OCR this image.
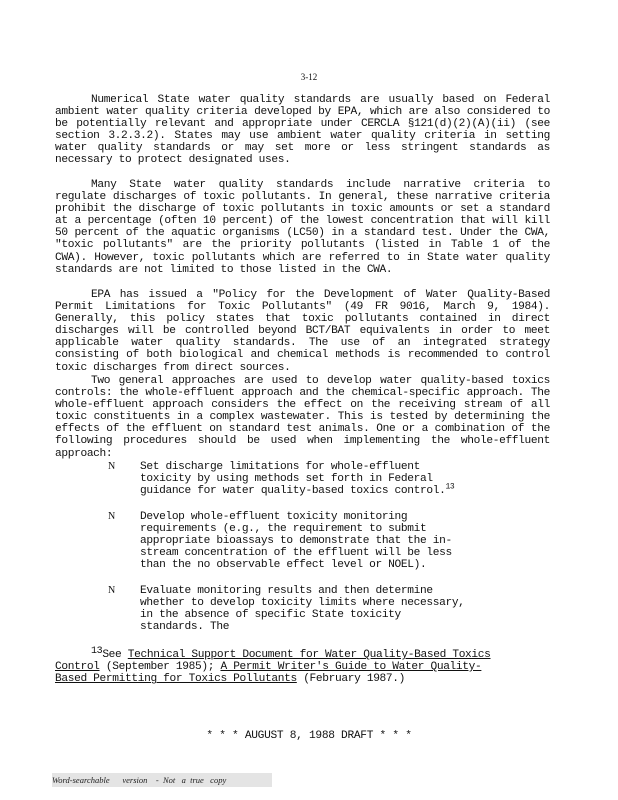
3-12

Numerical State water quality standards are usually based on Federal ambient water quality criteria developed by EPA, which are also considered to be potentially relevant and appropriate under CERCLA §121(d)(2)(A)(ii) (see section 3.2.3.2). States may use ambient water quality criteria in setting water quality standards or may set more or less stringent standards as necessary to protect designated uses.

Many State water quality standards include narrative criteria to regulate discharges of toxic pollutants. In general, these narrative criteria prohibit the discharge of toxic pollutants in toxic amounts or set a standard at a percentage (often 10 percent) of the lowest concentration that will kill 50 percent of the aquatic organisms (LC50) in a standard test. Under the CWA, "toxic pollutants" are the priority pollutants (listed in Table 1 of the CWA). However, toxic pollutants which are referred to in State water quality standards are not limited to those listed in the CWA.

EPA has issued a "Policy for the Development of Water Quality-Based Permit Limitations for Toxic Pollutants" (49 FR 9016, March 9, 1984). Generally, this policy states that toxic pollutants contained in direct discharges will be controlled beyond BCT/BAT equivalents in order to meet applicable water quality standards. The use of an integrated strategy consisting of both biological and chemical methods is recommended to control toxic discharges from direct sources.

Two general approaches are used to develop water quality-based toxics controls: the whole-effluent approach and the chemical-specific approach. The whole-effluent approach considers the effect on the receiving stream of all toxic constituents in a complex wastewater. This is tested by determining the effects of the effluent on standard test animals. One or a combination of the following procedures should be used when implementing the whole-effluent approach:

N Set discharge limitations for whole-effluent toxicity by using methods set forth in Federal guidance for water quality-based toxics control.$^{13}$
N Develop whole-effluent toxicity monitoring requirements (e.g., the requirement to submit appropriate bioassays to demonstrate that the in-stream concentration of the effluent will be less than the no observable effect level or NOEL).
N Evaluate monitoring results and then determine whether to develop toxicity limits where necessary, in the absence of specific State toxicity standards. The
13See Technical Support Document for Water Quality-Based Toxics Control (September 1985); A Permit Writer's Guide to Water Quality-Based Permitting for Toxics Pollutants (February 1987.)
* * * AUGUST 8, 1988 DRAFT * * *
Word-searchable      version    -  Not   a  true   copy
